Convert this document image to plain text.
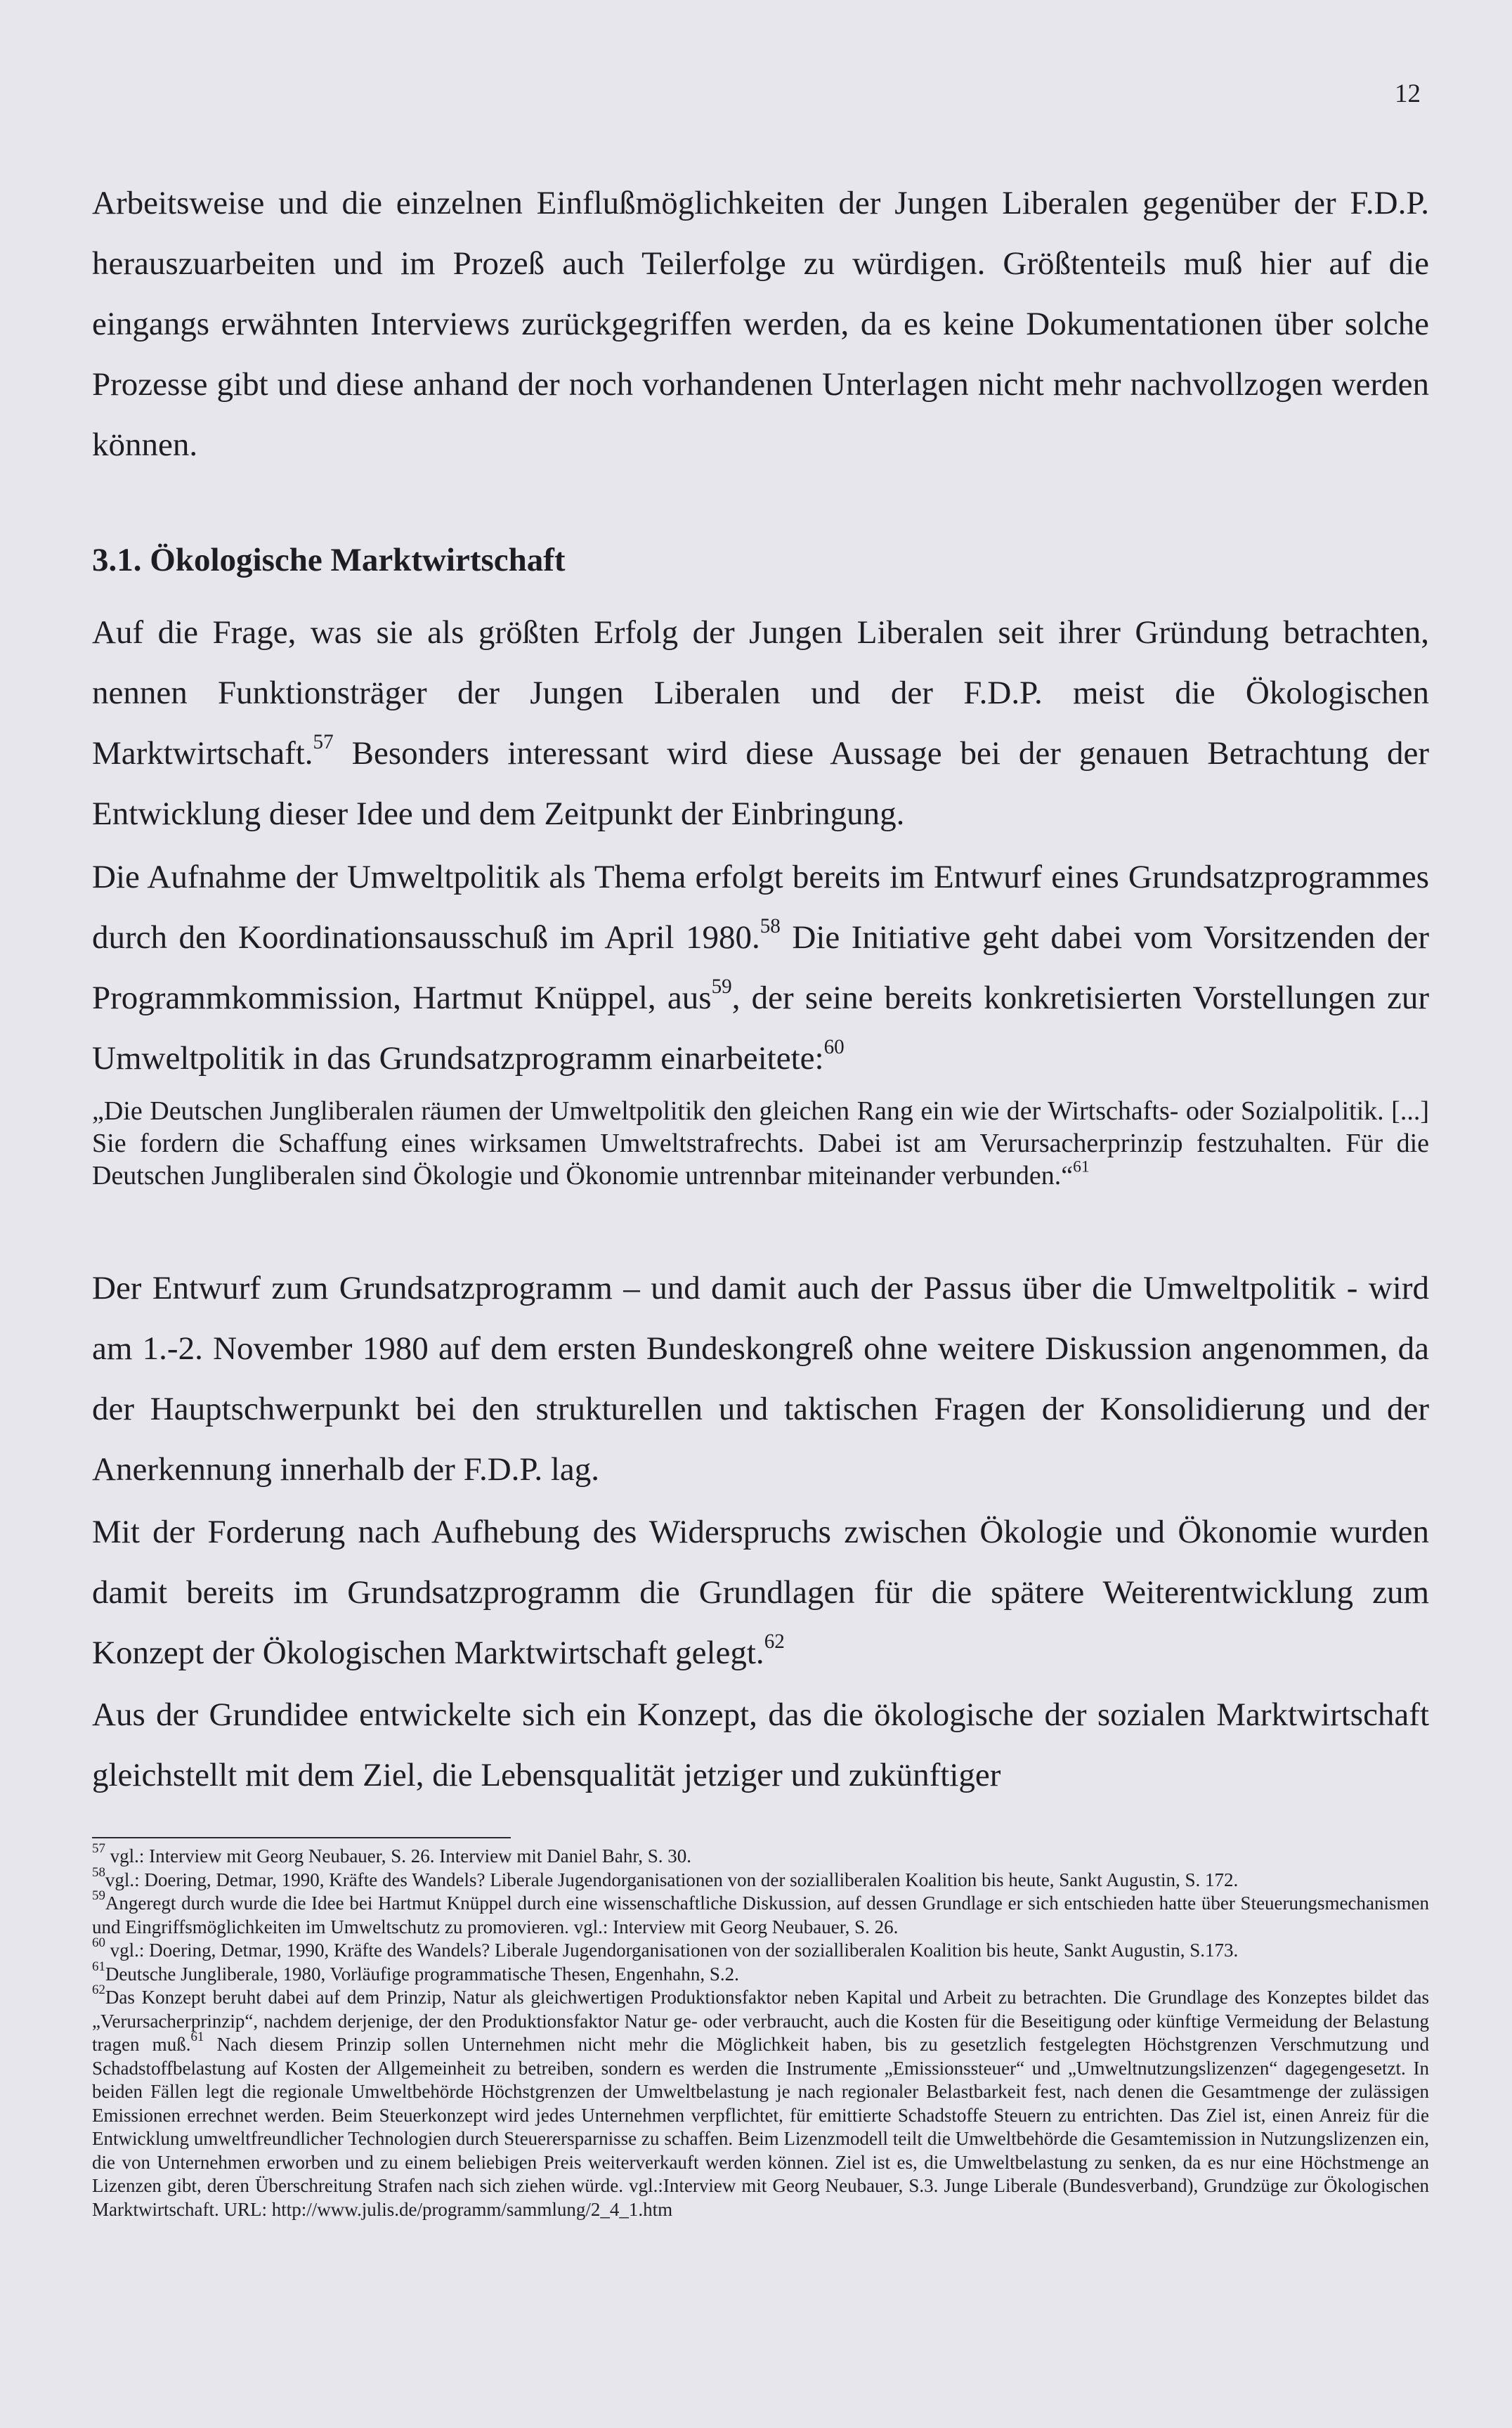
12

Arbeitsweise und die einzelnen Einflußmöglichkeiten der Jungen Liberalen gegenüber der F.D.P. herauszuarbeiten und im Prozeß auch Teilerfolge zu würdigen. Größtenteils muß hier auf die eingangs erwähnten Interviews zurückgegriffen werden, da es keine Dokumentationen über solche Prozesse gibt und diese anhand der noch vorhandenen Unterlagen nicht mehr nachvollzogen werden können.

3.1. Ökologische Marktwirtschaft

Auf die Frage, was sie als größten Erfolg der Jungen Liberalen seit ihrer Gründung betrachten, nennen Funktionsträger der Jungen Liberalen und der F.D.P. meist die Ökologischen Marktwirtschaft.$^{57}$ Besonders interessant wird diese Aussage bei der genauen Betrachtung der Entwicklung dieser Idee und dem Zeitpunkt der Einbringung.

Die Aufnahme der Umweltpolitik als Thema erfolgt bereits im Entwurf eines Grundsatzprogrammes durch den Koordinationsausschuß im April 1980.58 Die Initiative geht dabei vom Vorsitzenden der Programmkommission, Hartmut Knüppel, aus$^{59}$, der seine bereits konkretisierten Vorstellungen zur Umweltpolitik in das Grundsatzprogramm einarbeitete:$^{60}$

„Die Deutschen Jungliberalen räumen der Umweltpolitik den gleichen Rang ein wie der Wirtschafts- oder Sozialpolitik. [...] Sie fordern die Schaffung eines wirksamen Umweltstrafrechts. Dabei ist am Verursacherprinzip festzuhalten. Für die Deutschen Jungliberalen sind Ökologie und Ökonomie untrennbar miteinander verbunden.“$^{61}$

Der Entwurf zum Grundsatzprogramm – und damit auch der Passus über die Umweltpolitik - wird am 1.-2. November 1980 auf dem ersten Bundeskongreß ohne weitere Diskussion angenommen, da der Hauptschwerpunkt bei den strukturellen und taktischen Fragen der Konsolidierung und der Anerkennung innerhalb der F.D.P. lag.

Mit der Forderung nach Aufhebung des Widerspruchs zwischen Ökologie und Ökonomie wurden damit bereits im Grundsatzprogramm die Grundlagen für die spätere Weiterentwicklung zum Konzept der Ökologischen Marktwirtschaft gelegt.$^{62}$

Aus der Grundidee entwickelte sich ein Konzept, das die ökologische der sozialen Marktwirtschaft gleichstellt mit dem Ziel, die Lebensqualität jetziger und zukünftiger

$^{57}$ vgl.: Interview mit Georg Neubauer, S. 26. Interview mit Daniel Bahr, S. 30.

$^{58}$vgl.: Doering, Detmar, 1990, Kräfte des Wandels? Liberale Jugendorganisationen von der sozialliberalen Koalition bis heute, Sankt Augustin, S. 172.

$^{59}$Angeregt durch wurde die Idee bei Hartmut Knüppel durch eine wissenschaftliche Diskussion, auf dessen Grundlage er sich entschieden hatte über Steuerungsmechanismen und Eingriffsmöglichkeiten im Umweltschutz zu promovieren. vgl.: Interview mit Georg Neubauer, S. 26.

$^{60}$ vgl.: Doering, Detmar, 1990, Kräfte des Wandels? Liberale Jugendorganisationen von der sozialliberalen Koalition bis heute, Sankt Augustin, S.173.

$^{61}$Deutsche Jungliberale, 1980, Vorläufige programmatische Thesen, Engenhahn, S.2.

$^{62}$Das Konzept beruht dabei auf dem Prinzip, Natur als gleichwertigen Produktionsfaktor neben Kapital und Arbeit zu betrachten. Die Grundlage des Konzeptes bildet das „Verursacherprinzip“, nachdem derjenige, der den Produktionsfaktor Natur ge- oder verbraucht, auch die Kosten für die Beseitigung oder künftige Vermeidung der Belastung tragen muß.$^{61}$ Nach diesem Prinzip sollen Unternehmen nicht mehr die Möglichkeit haben, bis zu gesetzlich festgelegten Höchstgrenzen Verschmutzung und Schadstoffbelastung auf Kosten der Allgemeinheit zu betreiben, sondern es werden die Instrumente „Emissionssteuer“ und „Umweltnutzungslizenzen“ dagegengesetzt. In beiden Fällen legt die regionale Umweltbehörde Höchstgrenzen der Umweltbelastung je nach regionaler Belastbarkeit fest, nach denen die Gesamtmenge der zulässigen Emissionen errechnet werden. Beim Steuerkonzept wird jedes Unternehmen verpflichtet, für emittierte Schadstoffe Steuern zu entrichten. Das Ziel ist, einen Anreiz für die Entwicklung umweltfreundlicher Technologien durch Steuerersparnisse zu schaffen. Beim Lizenzmodell teilt die Umweltbehörde die Gesamtemission in Nutzungslizenzen ein, die von Unternehmen erworben und zu einem beliebigen Preis weiterverkauft werden können. Ziel ist es, die Umweltbelastung zu senken, da es nur eine Höchstmenge an Lizenzen gibt, deren Überschreitung Strafen nach sich ziehen würde. vgl.:Interview mit Georg Neubauer, S.3. Junge Liberale (Bundesverband), Grundzüge zur Ökologischen Marktwirtschaft. URL: http://www.julis.de/programm/sammlung/2_4_1.htm
